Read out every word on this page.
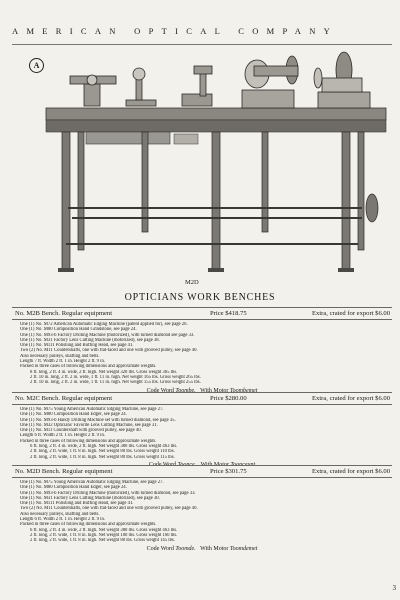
AMERICAN OPTICAL COMPANY
A
M2D
OPTICIANS WORK BENCHES
No. M2B Bench. Regular equipment	Price $418.75	Extra, crated for export $6.00
One (1) No. M72 American Automatic Edging Machine (patent applied for), see page 26.
One (1) No. M80 Composition Hand Grindstone, see page 24.
One (1) No. M93-b Factory Drilling Machine (motorized), with turned diamond see page 33.
One (1) No. M31 Factory Lens Cutting Machine (motorized), see page 38.
One (1) No. M111 Polishing and Buffing Head, see page 41.
Two (2) No. M11 Countershafts, one with flat-faced and one with grooved pulley, see page 40.
Also necessary pulleys, shafting and belts.
Length 7 ft. Width 2 ft. 1 in. Height 2 ft. 9 in.
Packed in three cases of following dimensions and approximate weights.
8 ft. long, 2 ft. 4 in. wide, 2 ft. high. Net weight 320 lbs. Gross weight 365 lbs.
2 ft. 10 in. long, 2 ft. 2 in. wide, 1 ft. 11 in. high. Net weight 165 lbs. Gross weight 265 lbs.
2 ft. 10 in. long, 2 ft. 2 in. wide, 1 ft. 11 in. high. Net weight 155 lbs. Gross weight 255 lbs.
Code Word Toombe. With Motor Toombemet
No. M2C Bench. Regular equipment	Price $280.00	Extra, crated for export $6.00
One (1) No. M75 Young American Automatic Edging Machine, see page 27.
One (1) No. M80 Composition Hand Edger, see page 24.
One (1) No. M93-b Handy Drilling Machine set with turned diamond, see page 35.
One (1) No. M32 Opticians' Favorite Lens Cutting Machine, see page 31.
One (1) No. M11 Countershaft with grooved pulley, see page 40.
Length 6 ft. Width 2 ft. 1 in. Height 2 ft. 9 in.
Packed in three cases of following dimensions and approximate weights.
6 ft. long, 2 ft. 4 in. wide, 2 ft. high. Net weight 380 lbs. Gross weight 463 lbs.
2 ft. long, 2 ft. wide, 1 ft. 8 in. high. Net weight 80 lbs. Gross weight 110 lbs.
2 ft. long, 2 ft. wide, 1 ft. 8 in. high. Net weight 80 lbs. Gross weight 115 lbs.
Code Word Toonce. With Motor Toonceunt
No. M2D Bench. Regular equipment	Price $301.75	Extra, crated for export $6.00
One (1) No. M75 Young American Automatic Edging Machine, see page 27.
One (1) No. M80 Composition Hand Edger, see page 24.
One (1) No. M93-b Factory Drilling Machine (motorized), with turned diamond, see page 33.
One (1) No. M31 Factory Lens Cutting Machine (motorized), see page 30.
One (1) No. M111 Polishing and Buffing Head, see page 41.
Two (2) No. M11 Countershafts, one with flat-faced and one with grooved pulley, see page 40.
Also necessary pulleys, shafting and belts.
Length 6 ft. Width 2 ft. 1 in. Height 2 ft. 9 in.
Packed in three cases of following dimensions and approximate weights.
6 ft. long, 2 ft. 4 in. wide, 2 ft. high. Net weight 380 lbs. Gross weight 463 lbs.
2 ft. long, 2 ft. wide, 1 ft. 8 in. high. Net weight 100 lbs. Gross weight 160 lbs.
2 ft. long, 2 ft. wide, 1 ft. 8 in. high. Net weight 80 lbs. Gross weight 145 lbs.
Code Word Toomde. With Motor Toomdemet
3
